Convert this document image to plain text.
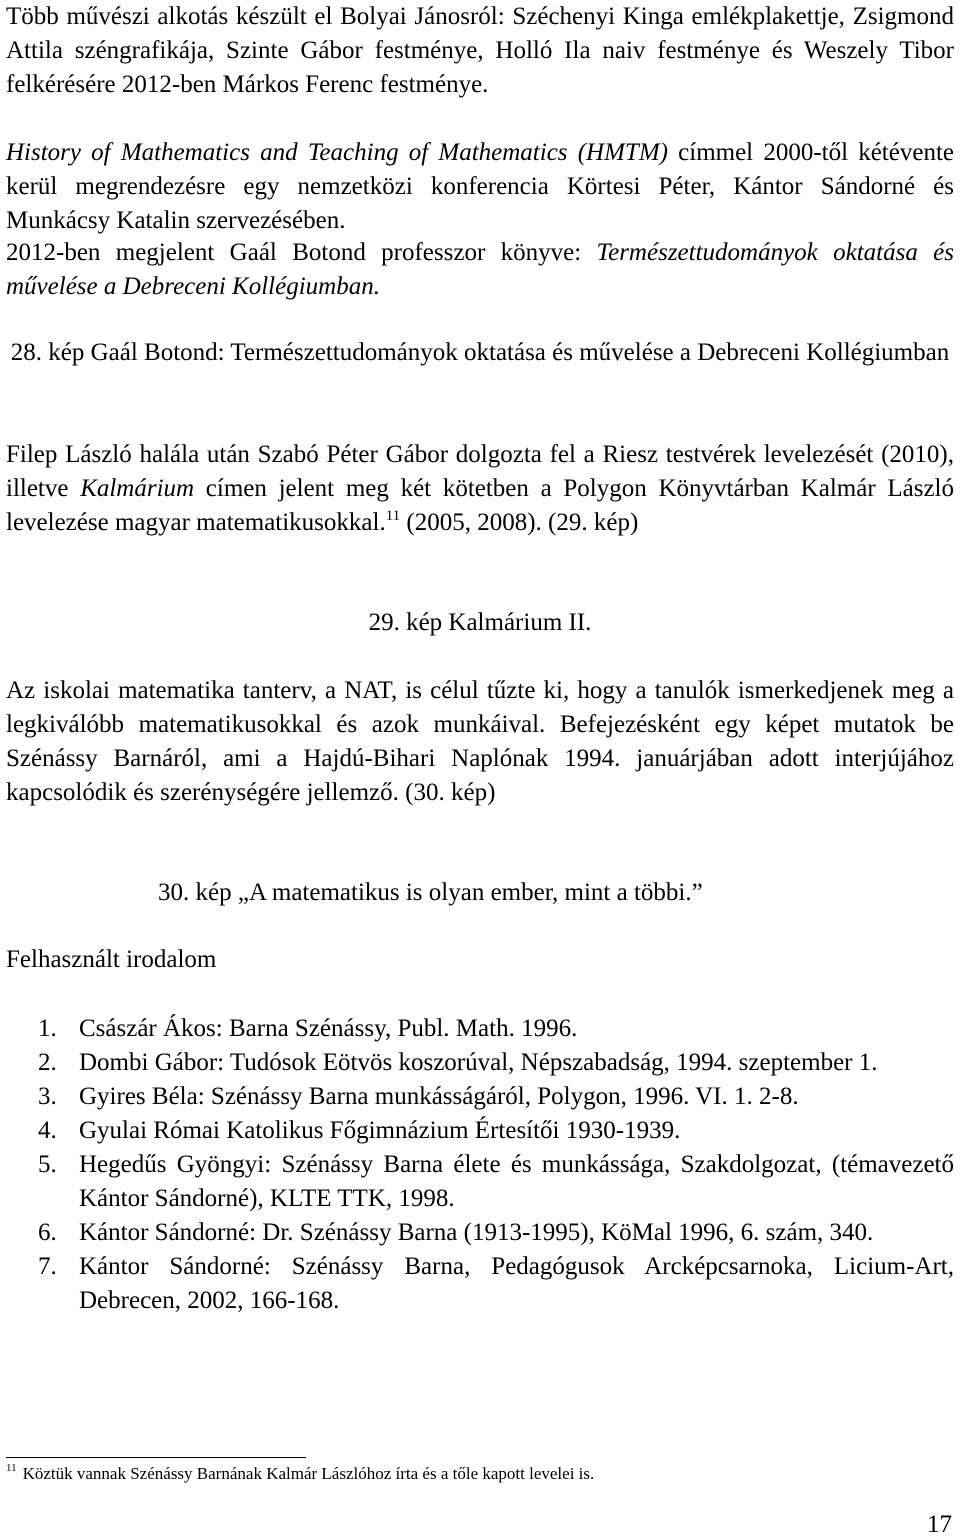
Több művészi alkotás készült el Bolyai Jánosról: Széchenyi Kinga emlékplakettje, Zsigmond Attila széngrafikája, Szinte Gábor festménye, Holló Ila naiv festménye és Weszely Tibor felkérésére 2012-ben Márkos Ferenc festménye.

History of Mathematics and Teaching of Mathematics (HMTM) címmel 2000-től kétévente kerül megrendezésre egy nemzetközi konferencia Körtesi Péter, Kántor Sándorné és Munkácsy Katalin szervezésében.

2012-ben megjelent Gaál Botond professzor könyve: Természettudományok oktatása és művelése a Debreceni Kollégiumban.

28. kép Gaál Botond: Természettudományok oktatása és művelése a Debreceni Kollégiumban

Filep László halála után Szabó Péter Gábor dolgozta fel a Riesz testvérek levelezését (2010), illetve Kalmárium címen jelent meg két kötetben a Polygon Könyvtárban Kalmár László levelezése magyar matematikusokkal.$^{11}$ (2005, 2008). (29. kép)

29. kép Kalmárium II.

Az iskolai matematika tanterv, a NAT, is célul tűzte ki, hogy a tanulók ismerkedjenek meg a legkiválóbb matematikusokkal és azok munkáival. Befejezésként egy képet mutatok be Szénássy Barnáról, ami a Hajdú-Bihari Naplónak 1994. januárjában adott interjújához kapcsolódik és szerénységére jellemző. (30. kép)

30. kép „A matematikus is olyan ember, mint a többi.”

Felhasznált irodalom

1. Császár Ákos: Barna Szénássy, Publ. Math. 1996.
2. Dombi Gábor: Tudósok Eötvös koszorúval, Népszabadság, 1994. szeptember 1.
3. Gyires Béla: Szénássy Barna munkásságáról, Polygon, 1996. VI. 1. 2-8.
4. Gyulai Római Katolikus Főgimnázium Értesítői 1930-1939.
5. Hegedűs Gyöngyi: Szénássy Barna élete és munkássága, Szakdolgozat, (témavezető Kántor Sándorné), KLTE TTK, 1998.
6. Kántor Sándorné: Dr. Szénássy Barna (1913-1995), KöMal 1996, 6. szám, 340.
7. Kántor Sándorné: Szénássy Barna, Pedagógusok Arcképcsarnoka, Licium-Art, Debrecen, 2002, 166-168.

$^{11}$ Köztük vannak Szénássy Barnának Kalmár Lászlóhoz írta és a tőle kapott levelei is.

17
